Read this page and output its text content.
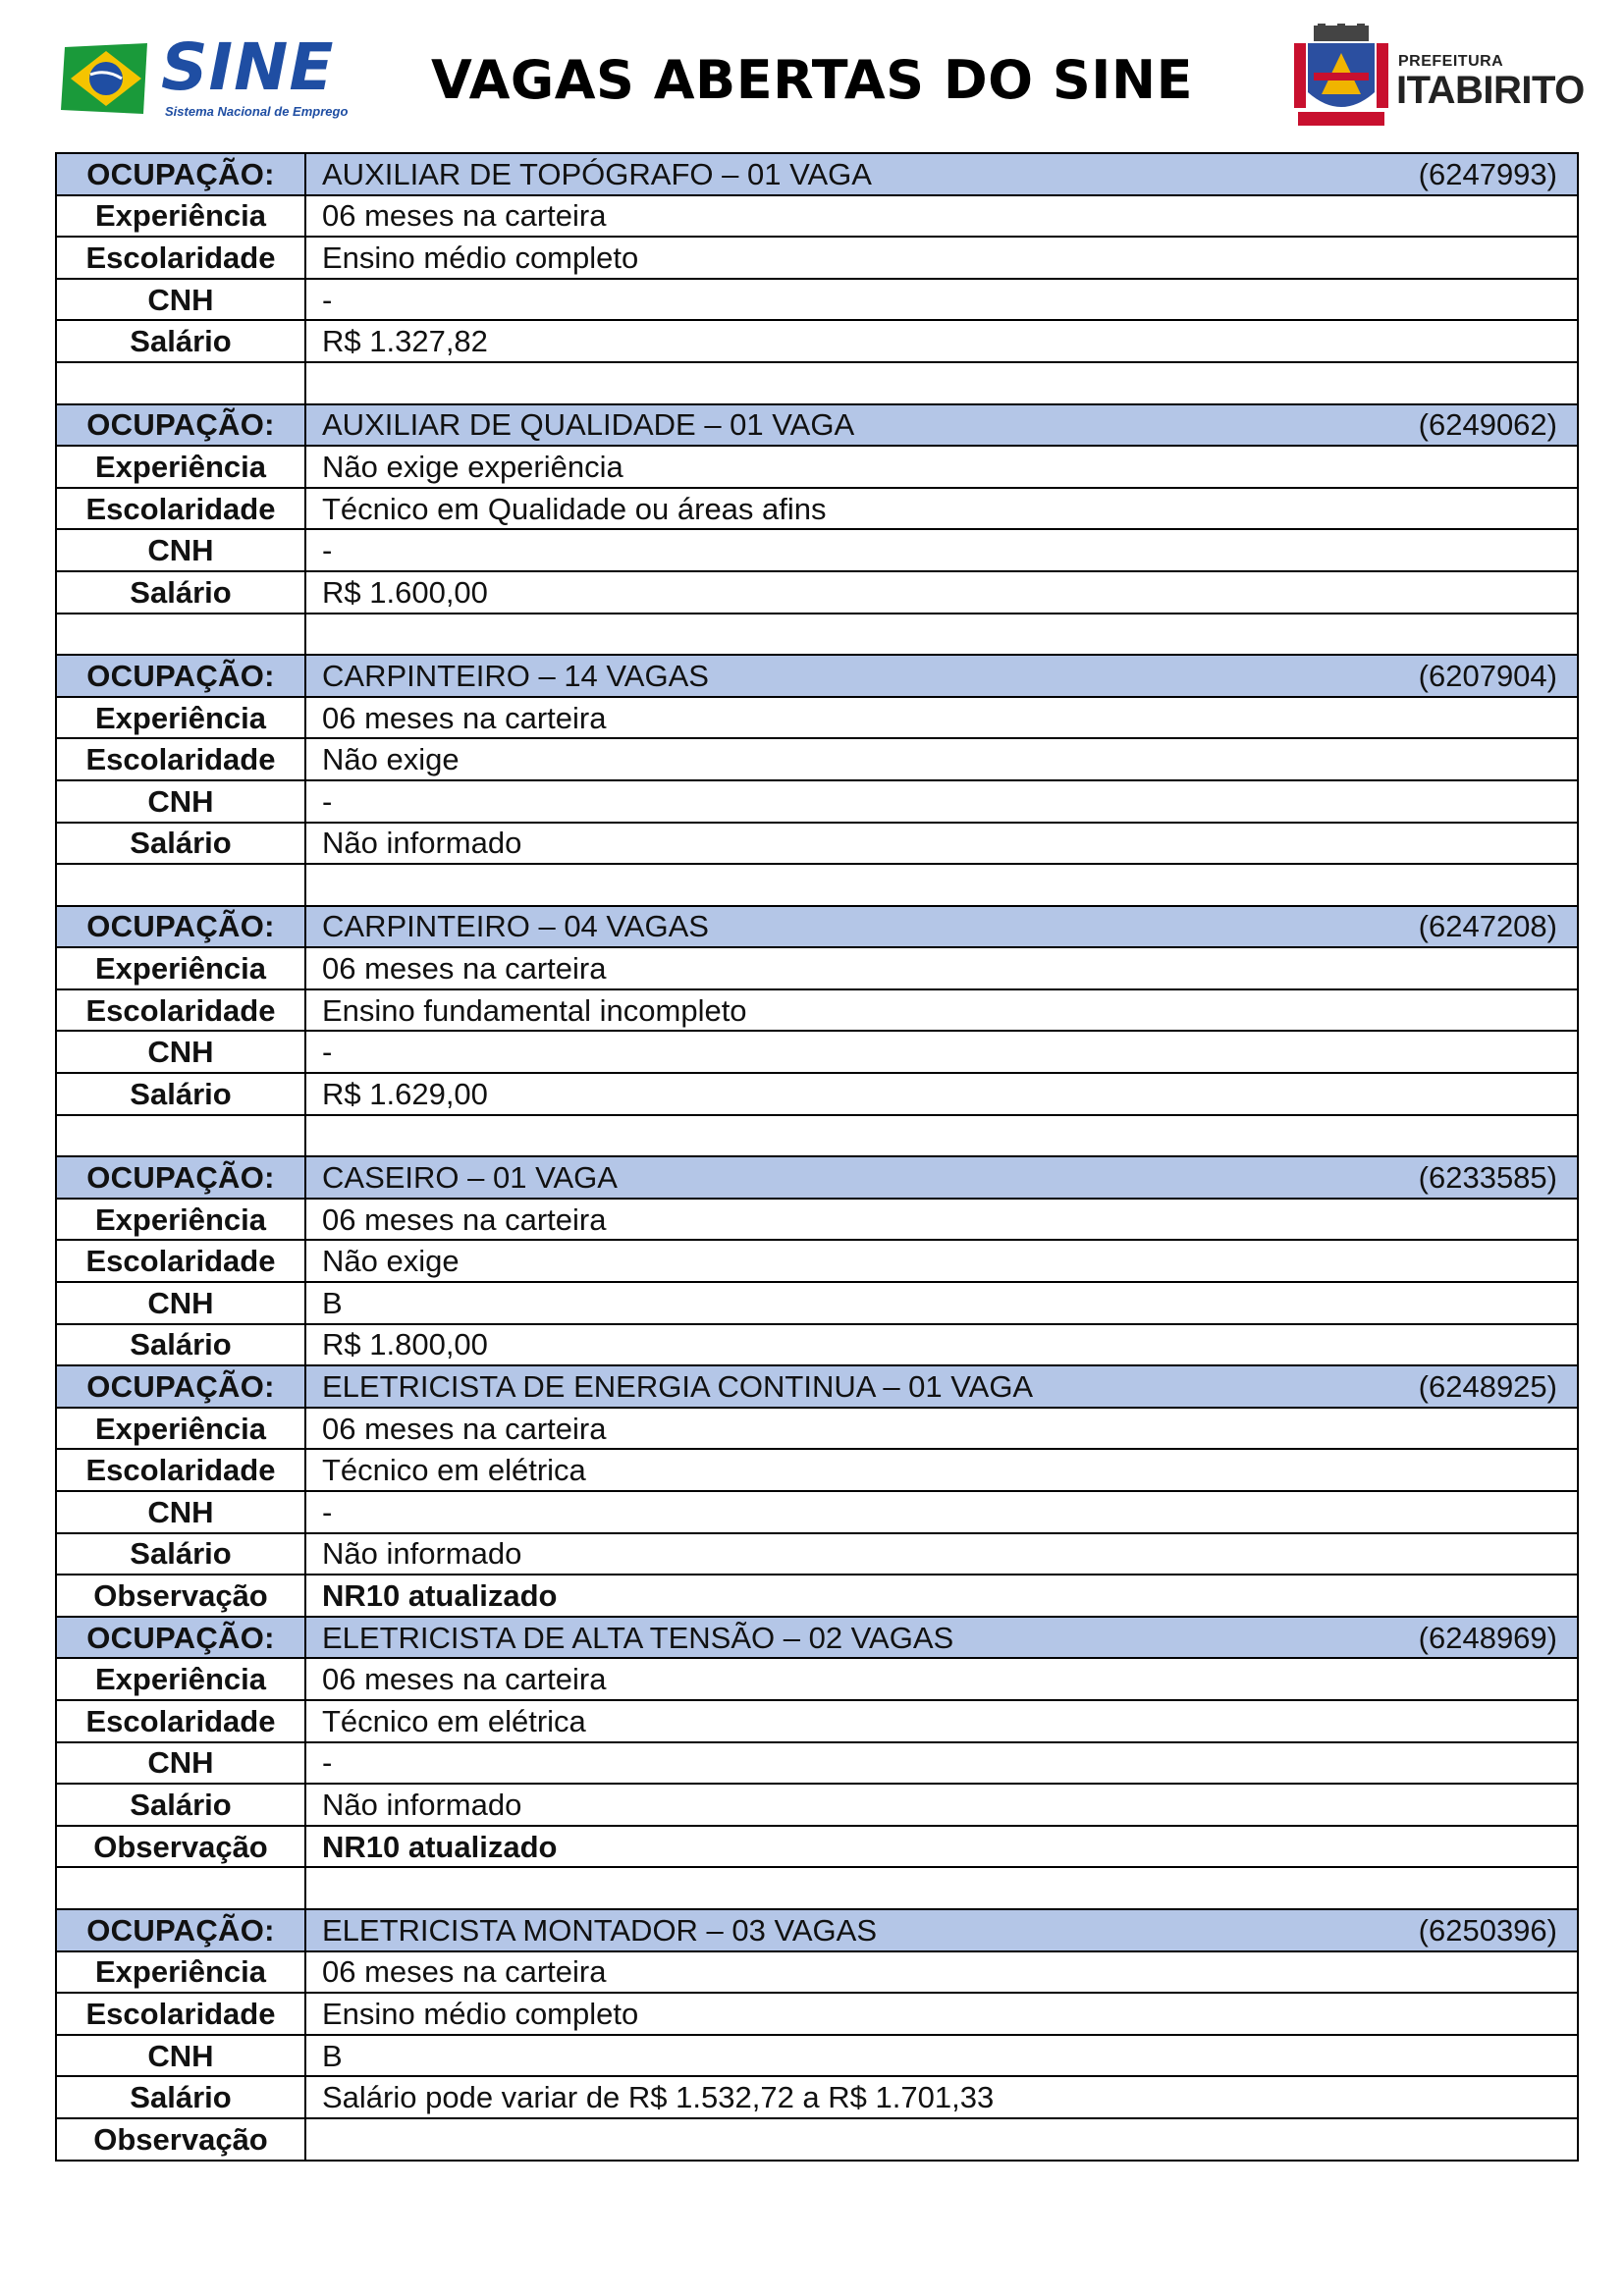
SINE
Sistema Nacional de Emprego
VAGAS ABERTAS DO SINE	PREFEITURA
ITABIRITO
OCUPAÇÃO:	AUXILIAR DE TOPÓGRAFO – 01 VAGA (6247993)

Experiência	06 meses na carteira
Escolaridade	Ensino médio completo
CNH	-
Salário	R$ 1.327,82

OCUPAÇÃO:	AUXILIAR DE QUALIDADE – 01 VAGA (6249062)

Experiência	Não exige experiência
Escolaridade	Técnico em Qualidade ou áreas afins
CNH	-
Salário	R$ 1.600,00

OCUPAÇÃO:	CARPINTEIRO – 14 VAGAS (6207904)

Experiência	06 meses na carteira
Escolaridade	Não exige
CNH	-
Salário	Não informado

OCUPAÇÃO:	CARPINTEIRO – 04 VAGAS (6247208)

Experiência	06 meses na carteira
Escolaridade	Ensino fundamental incompleto
CNH	-
Salário	R$ 1.629,00

OCUPAÇÃO:	CASEIRO – 01 VAGA (6233585)

Experiência	06 meses na carteira
Escolaridade	Não exige
CNH	B
Salário	R$ 1.800,00
OCUPAÇÃO:	ELETRICISTA DE ENERGIA CONTINUA – 01 VAGA (6248925)

Experiência	06 meses na carteira
Escolaridade	Técnico em elétrica
CNH	-
Salário	Não informado
Observação	NR10 atualizado
OCUPAÇÃO:	ELETRICISTA DE ALTA TENSÃO – 02 VAGAS (6248969)

Experiência	06 meses na carteira
Escolaridade	Técnico em elétrica
CNH	-
Salário	Não informado
Observação	NR10 atualizado

OCUPAÇÃO:	ELETRICISTA MONTADOR – 03 VAGAS (6250396)

Experiência	06 meses na carteira
Escolaridade	Ensino médio completo
CNH	B
Salário	Salário pode variar de R$ 1.532,72 a R$ 1.701,33
Observação	
